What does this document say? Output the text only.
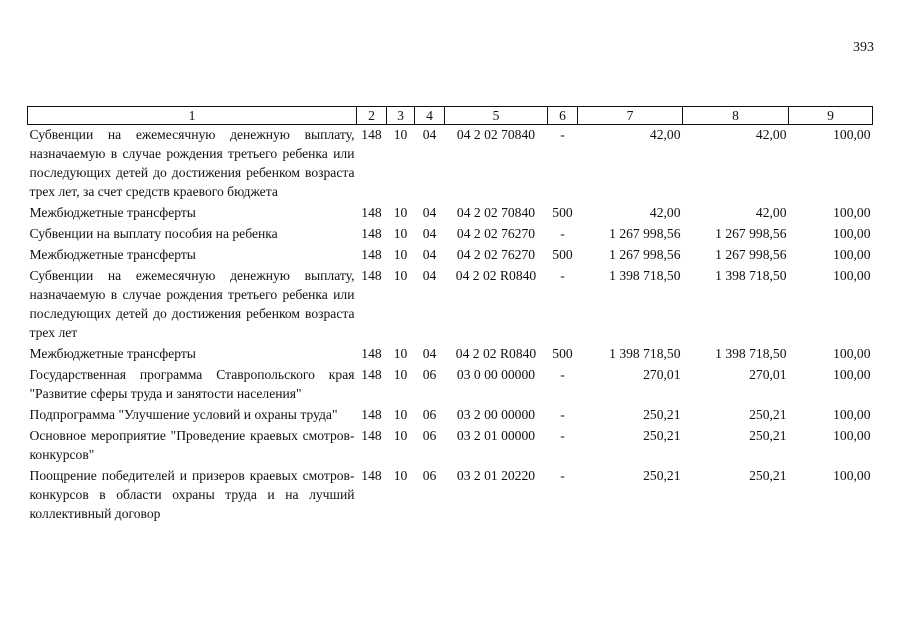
393
1	2	3	4	5	6	7	8	9
Субвенции на ежемесячную денежную выплату, назначаемую в случае рождения третьего ребенка или последующих детей до достижения ребенком возраста трех лет, за счет средств краевого бюджета	148	10	04	04 2 02 70840	-	42,00	42,00	100,00
Межбюджетные трансферты	148	10	04	04 2 02 70840	500	42,00	42,00	100,00
Субвенции на выплату пособия на ребенка	148	10	04	04 2 02 76270	-	1 267 998,56	1 267 998,56	100,00
Межбюджетные трансферты	148	10	04	04 2 02 76270	500	1 267 998,56	1 267 998,56	100,00
Субвенции на ежемесячную денежную выплату, назначаемую в случае рождения третьего ребенка или последующих детей до достижения ребенком возраста трех лет	148	10	04	04 2 02 R0840	-	1 398 718,50	1 398 718,50	100,00
Межбюджетные трансферты	148	10	04	04 2 02 R0840	500	1 398 718,50	1 398 718,50	100,00
Государственная программа Ставропольского края "Развитие сферы труда и занятости населения"	148	10	06	03 0 00 00000	-	270,01	270,01	100,00
Подпрограмма "Улучшение условий и охраны труда"	148	10	06	03 2 00 00000	-	250,21	250,21	100,00
Основное мероприятие "Проведение краевых смотров-конкурсов"	148	10	06	03 2 01 00000	-	250,21	250,21	100,00
Поощрение победителей и призеров краевых смотров-конкурсов в области охраны труда и на лучший коллективный договор	148	10	06	03 2 01 20220	-	250,21	250,21	100,00
